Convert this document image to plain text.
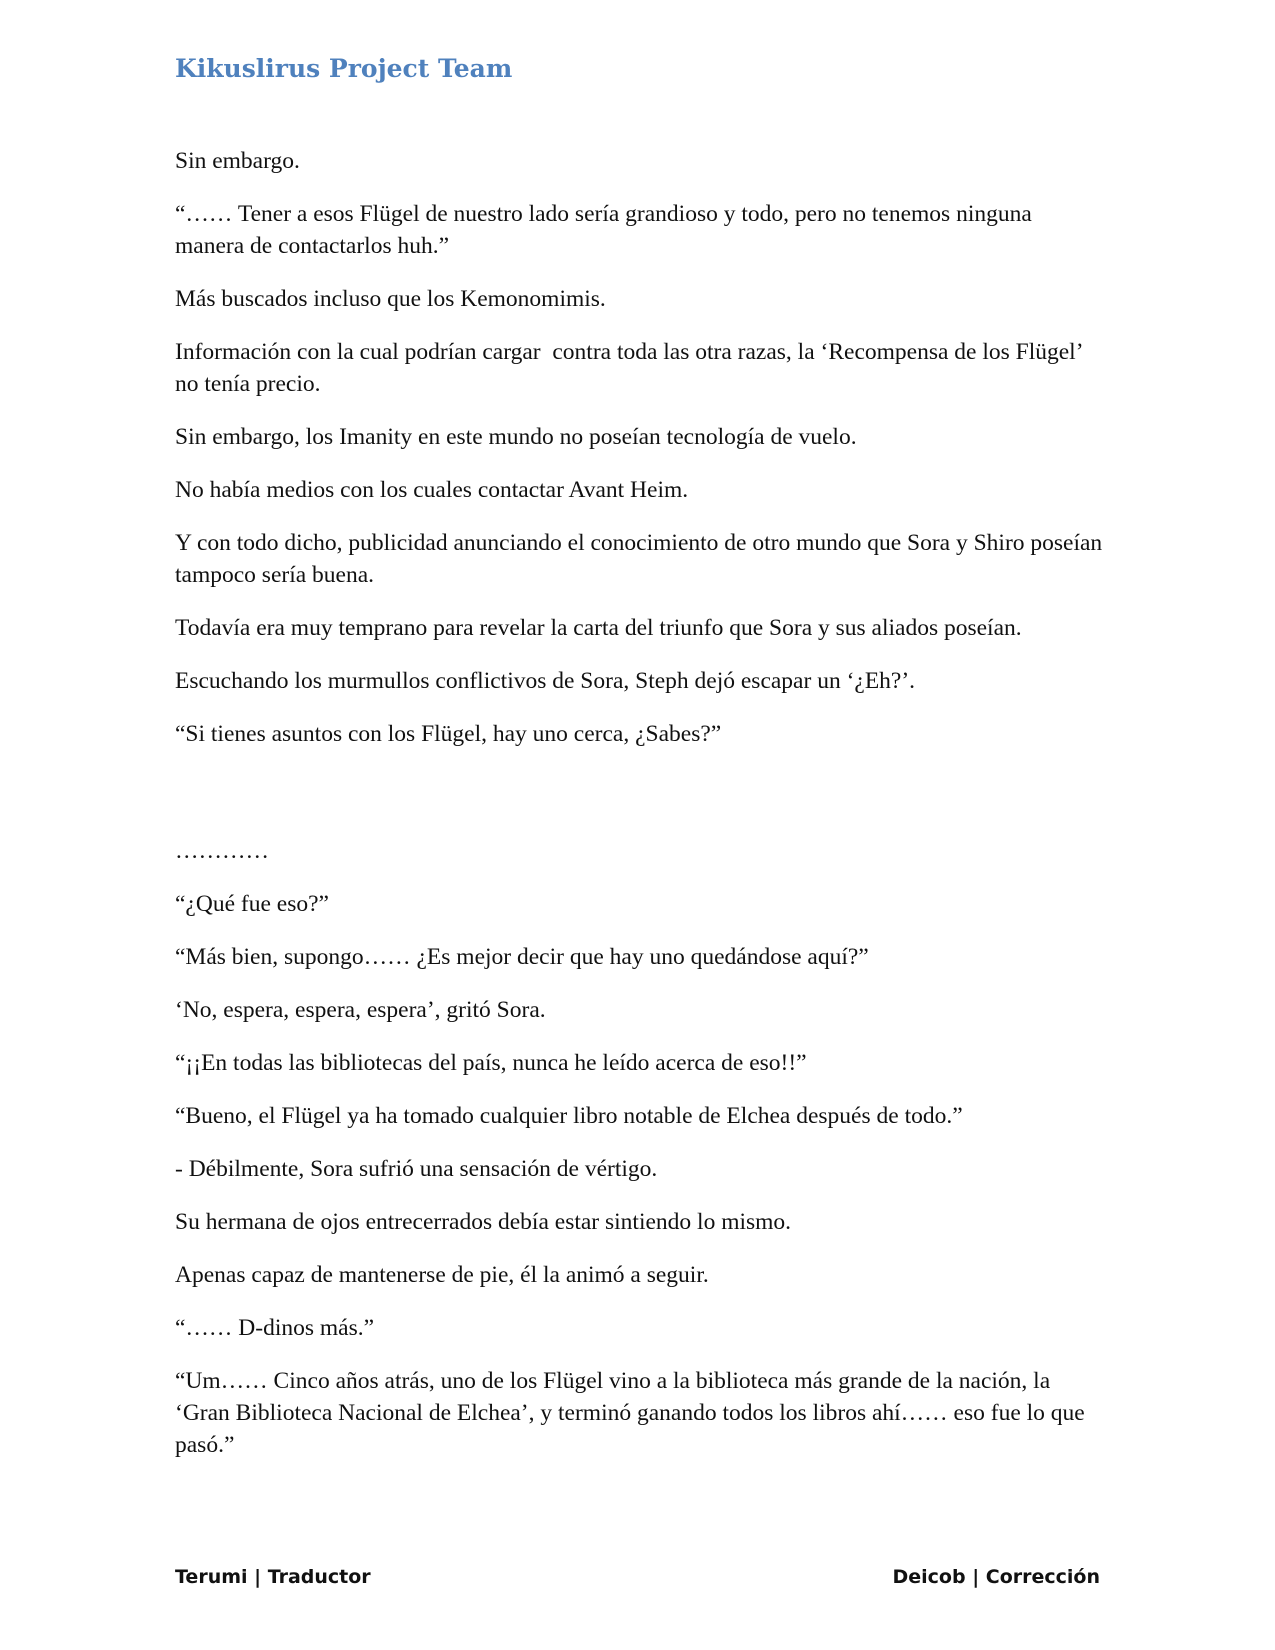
Kikuslirus Project Team

Sin embargo.

“…… Tener a esos Flügel de nuestro lado sería grandioso y todo, pero no tenemos ninguna manera de contactarlos huh.”

Más buscados incluso que los Kemonomimis.

Información con la cual podrían cargar  contra toda las otra razas, la ‘Recompensa de los Flügel’ no tenía precio.

Sin embargo, los Imanity en este mundo no poseían tecnología de vuelo.

No había medios con los cuales contactar Avant Heim.

Y con todo dicho, publicidad anunciando el conocimiento de otro mundo que Sora y Shiro poseían tampoco sería buena.

Todavía era muy temprano para revelar la carta del triunfo que Sora y sus aliados poseían.

Escuchando los murmullos conflictivos de Sora, Steph dejó escapar un ‘¿Eh?’.

“Si tienes asuntos con los Flügel, hay uno cerca, ¿Sabes?”

…………

“¿Qué fue eso?”

“Más bien, supongo…… ¿Es mejor decir que hay uno quedándose aquí?”

‘No, espera, espera, espera’, gritó Sora.

“¡¡En todas las bibliotecas del país, nunca he leído acerca de eso!!”

“Bueno, el Flügel ya ha tomado cualquier libro notable de Elchea después de todo.”

- Débilmente, Sora sufrió una sensación de vértigo.

Su hermana de ojos entrecerrados debía estar sintiendo lo mismo.

Apenas capaz de mantenerse de pie, él la animó a seguir.

“…… D-dinos más.”

“Um…… Cinco años atrás, uno de los Flügel vino a la biblioteca más grande de la nación, la ‘Gran Biblioteca Nacional de Elchea’, y terminó ganando todos los libros ahí…… eso fue lo que pasó.”

Terumi | Traductor	Deicob | Corrección
